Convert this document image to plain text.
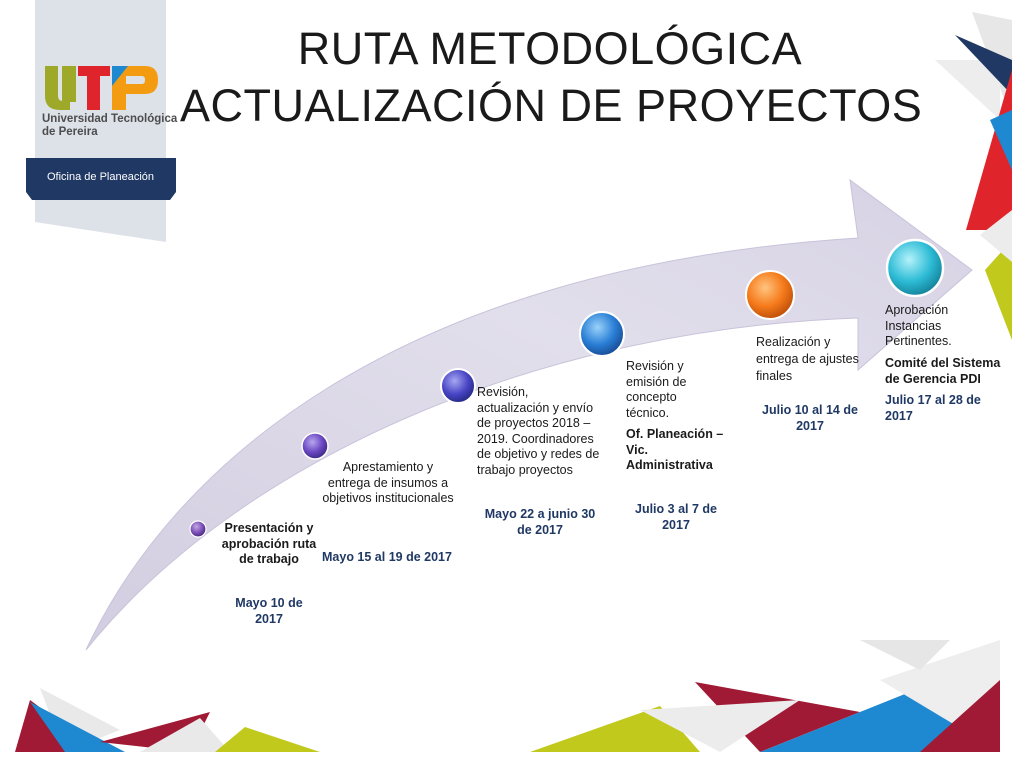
RUTA METODOLÓGICA
ACTUALIZACIÓN DE PROYECTOS
Universidad Tecnológica
de Pereira
Oficina de Planeación
Presentación y aprobación ruta de trabajo
Mayo 10 de 2017
Aprestamiento y entrega de insumos a objetivos institucionales
Mayo 15 al 19 de 2017
Revisión, actualización y envío de proyectos 2018 – 2019. Coordinadores de objetivo y redes de trabajo proyectos
Mayo 22 a junio 30 de 2017
Revisión y emisión de concepto técnico.
Of. Planeación – Vic. Administrativa
Julio 3 al 7 de 2017
Realización y entrega de ajustes finales
Julio 10 al 14 de 2017
Aprobación Instancias Pertinentes.
Comité del Sistema de Gerencia PDI
Julio 17 al 28 de 2017
